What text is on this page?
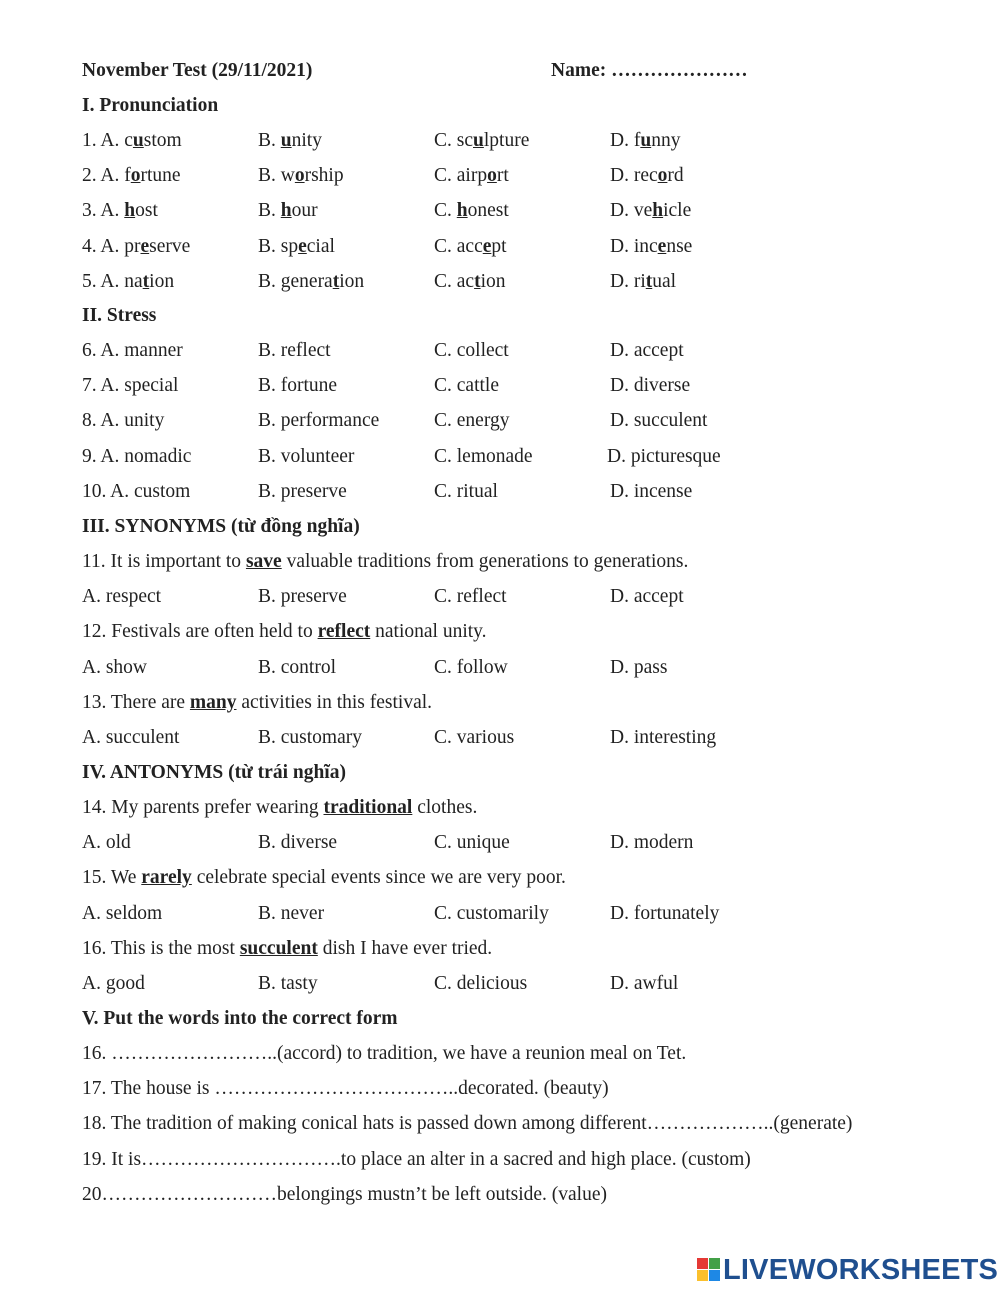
November Test (29/11/2021)	Name: …………………
I. Pronunciation
1. A. custom	B. unity	C. sculpture	D. funny
2. A. fortune	B. worship	C. airport	D. record
3. A. host	B. hour	C. honest	D. vehicle
4. A. preserve	B. special	C. accept	D. incense
5. A. nation	B. generation	C. action	D. ritual
II. Stress
6. A. manner	B. reflect	C. collect	D. accept
7. A. special	B. fortune	C. cattle	D. diverse
8. A. unity	B. performance	C. energy	D. succulent
9. A. nomadic	B. volunteer	C. lemonade	D. picturesque
10. A. custom	B. preserve	C. ritual	D. incense
III. SYNONYMS (từ đồng nghĩa)
11. It is important to save valuable traditions from generations to generations.
A. respect	B. preserve	C. reflect	D. accept
12. Festivals are often held to reflect national unity.
A. show	B. control	C. follow	D. pass
13. There are many activities in this festival.
A. succulent	B. customary	C. various	D. interesting
IV. ANTONYMS (từ trái nghĩa)
14. My parents prefer wearing traditional clothes.
A. old	B. diverse	C. unique	D. modern
15. We rarely celebrate special events since we are very poor.
A. seldom	B. never	C. customarily	D. fortunately
16. This is the most succulent dish I have ever tried.
A. good	B. tasty	C. delicious	D. awful
V. Put the words into the correct form
16. ……………………..(accord) to tradition, we have a reunion meal on Tet.
17. The house is ………………………………..decorated. (beauty)
18. The tradition of making conical hats is passed down among different………………..(generate)
19. It is………………………….to place an alter in a sacred and high place. (custom)
20………………………belongings mustn’t be left outside. (value)
LIVEWORKSHEETS
